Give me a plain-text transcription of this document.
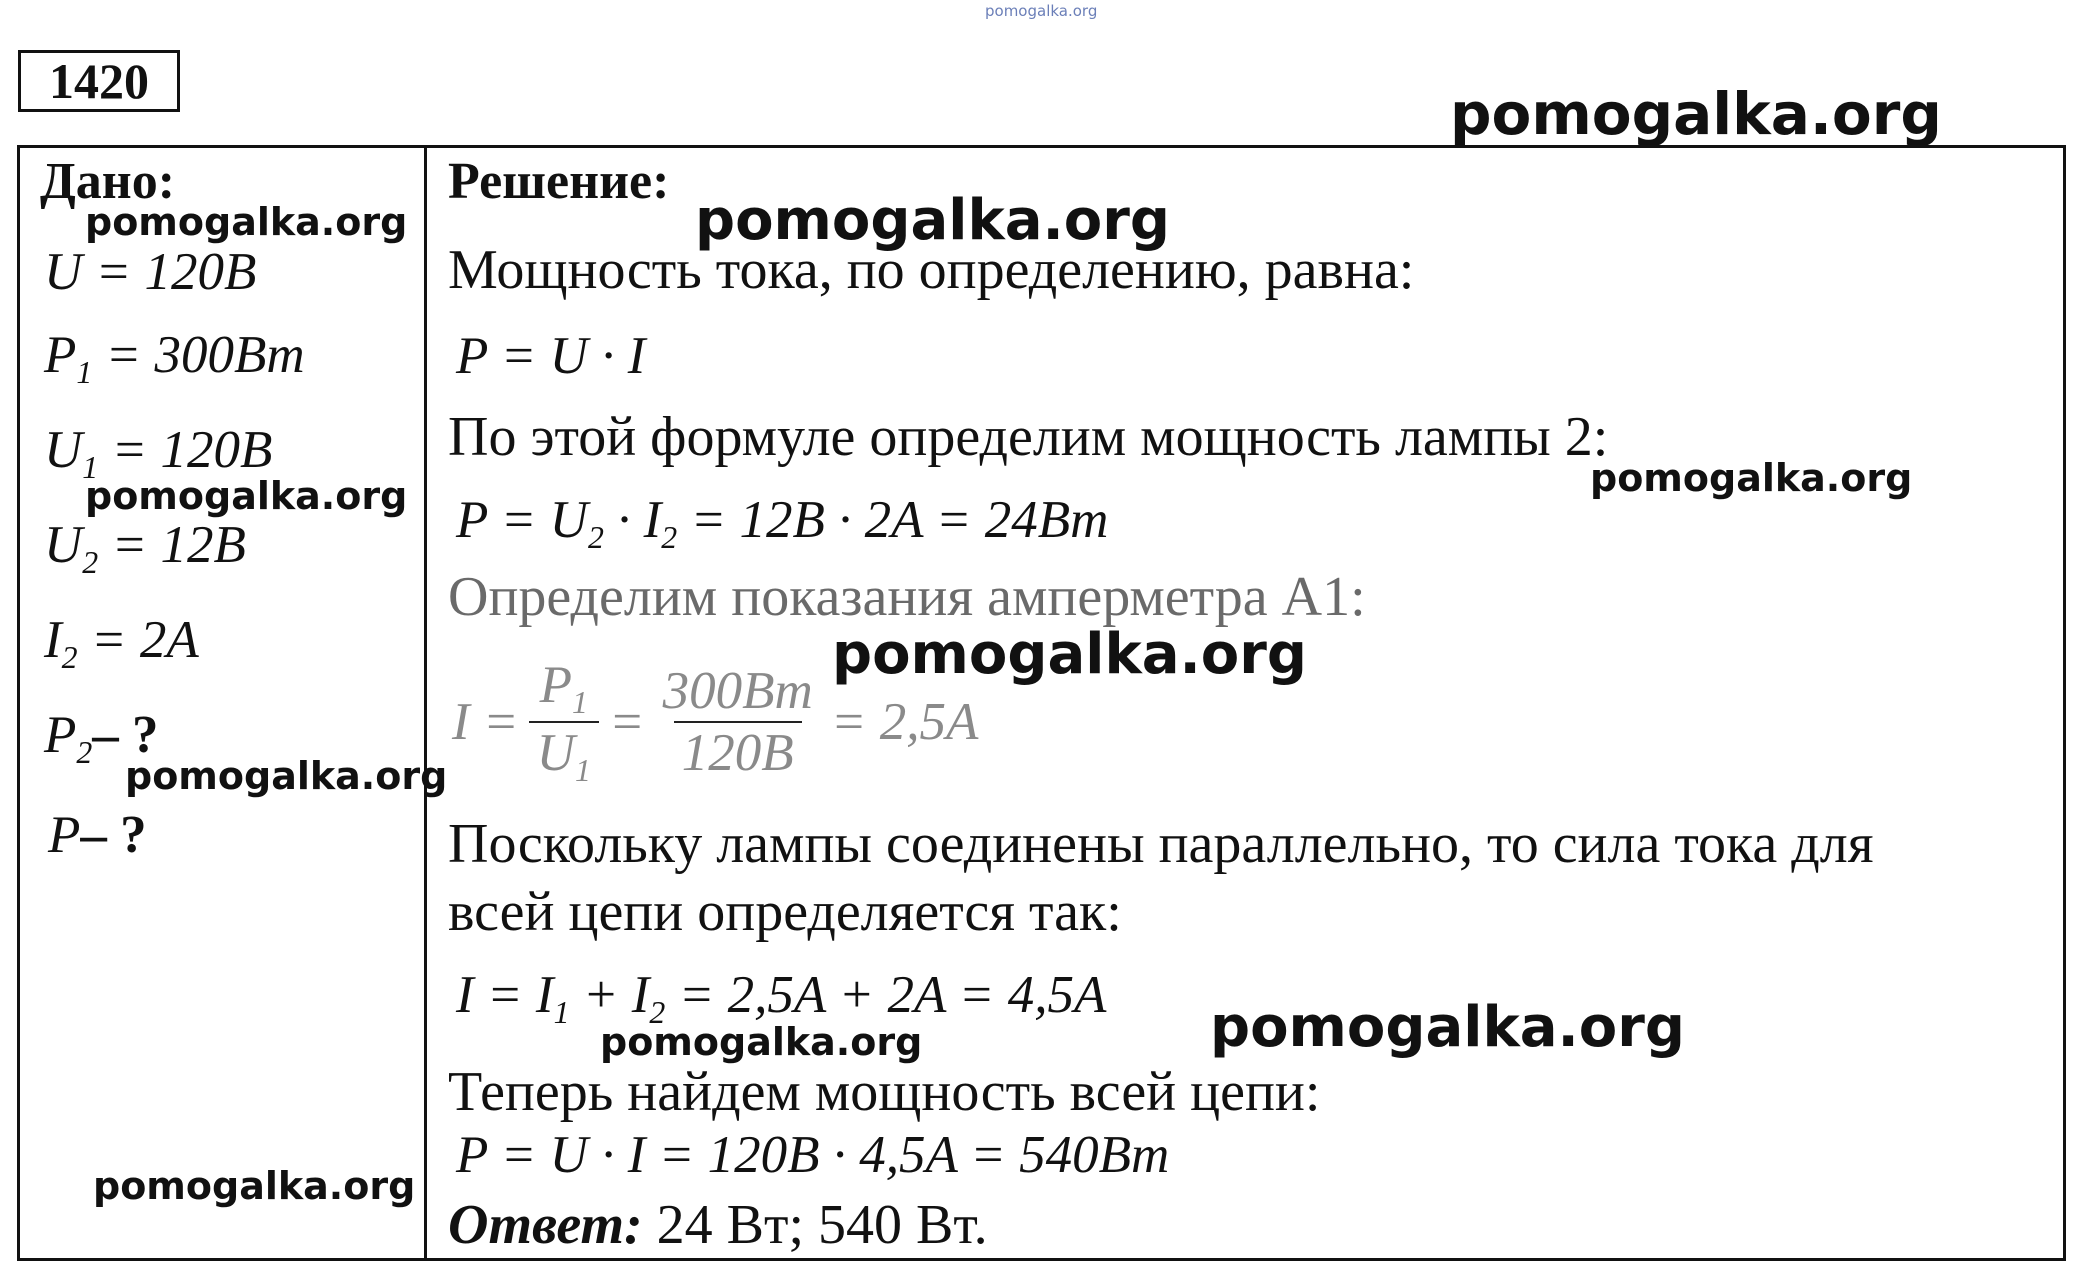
pomogalka.org
1420	pomogalka.org
Дано:
U = 120B
$P_1 = 300Bm$
$U_1 = 120B$
$U_2 = 12B$
$I_2 = 2A$
$P_2-$ ?
P– ?
pomogalka.org
pomogalka.org
pomogalka.org
pomogalka.org
Решение:
Мощность тока, по определению, равна:
P = U · I
По этой формуле определим мощность лампы 2:
$P = U_2 \cdot I_2 = 12B \cdot 2A = 24Bm$
Определим показания амперметра А1:
$I = \frac{P_1}{U_1} = \frac{300Bm}{120B} = 2,5A$
Поскольку лампы соединены параллельно, то сила тока для
всей цепи определяется так:
$I = I_1 + I_2 = 2,5A + 2A = 4,5A$
Теперь найдем мощность всей цепи:
P = U · I = 120B · 4,5A = 540Bm
Ответ: 24 Вт; 540 Вт.
pomogalka.org
pomogalka.org
pomogalka.org
pomogalka.org	pomogalka.org
